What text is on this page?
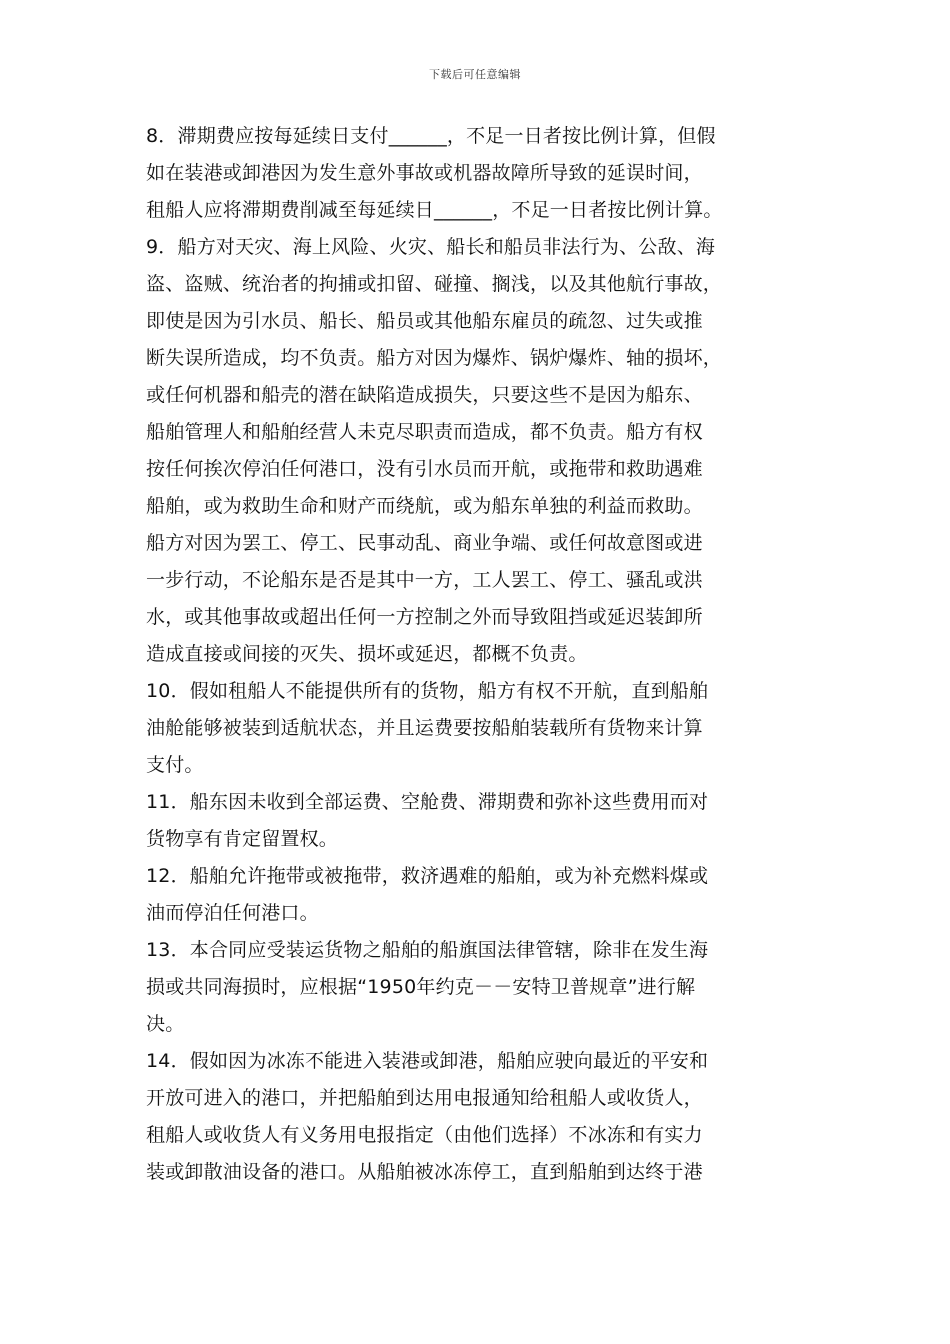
下载后可任意编辑
8．滞期费应按每延续日支付______，不足一日者按比例计算，但假
如在装港或卸港因为发生意外事故或机器故障所导致的延误时间，
租船人应将滞期费削减至每延续日______，不足一日者按比例计算。
9．船方对天灾、海上风险、火灾、船长和船员非法行为、公敌、海
盗、盗贼、统治者的拘捕或扣留、碰撞、搁浅，以及其他航行事故，
即使是因为引水员、船长、船员或其他船东雇员的疏忽、过失或推
断失误所造成，均不负责。船方对因为爆炸、锅炉爆炸、轴的损坏，
或任何机器和船壳的潜在缺陷造成损失，只要这些不是因为船东、
船舶管理人和船舶经营人未克尽职责而造成，都不负责。船方有权
按任何挨次停泊任何港口，没有引水员而开航，或拖带和救助遇难
船舶，或为救助生命和财产而绕航，或为船东单独的利益而救助。
船方对因为罢工、停工、民事动乱、商业争端、或任何故意图或进
一步行动，不论船东是否是其中一方，工人罢工、停工、骚乱或洪
水，或其他事故或超出任何一方控制之外而导致阻挡或延迟装卸所
造成直接或间接的灭失、损坏或延迟，都概不负责。
10．假如租船人不能提供所有的货物，船方有权不开航，直到船舶
油舱能够被装到适航状态，并且运费要按船舶装载所有货物来计算
支付。
11．船东因未收到全部运费、空舱费、滞期费和弥补这些费用而对
货物享有肯定留置权。
12．船舶允许拖带或被拖带，救济遇难的船舶，或为补充燃料煤或
油而停泊任何港口。
13．本合同应受装运货物之船舶的船旗国法律管辖，除非在发生海
损或共同海损时，应根据“1950年约克－－安特卫普规章”进行解
决。
14．假如因为冰冻不能进入装港或卸港，船舶应驶向最近的平安和
开放可进入的港口，并把船舶到达用电报通知给租船人或收货人，
租船人或收货人有义务用电报指定（由他们选择）不冰冻和有实力
装或卸散油设备的港口。从船舶被冰冻停工，直到船舶到达终于港
